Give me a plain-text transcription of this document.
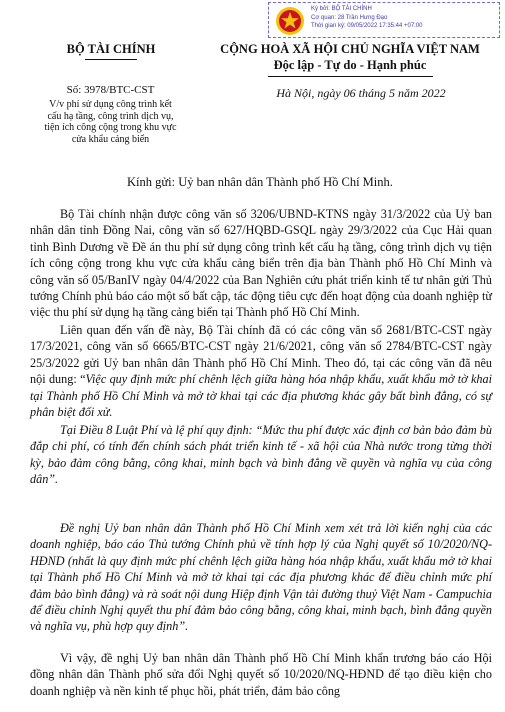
Ký bởi: BỘ TÀI CHÍNH
Cơ quan: 28 Trần Hưng Đạo
Thời gian ký: 09/05/2022 17:35:44 +07:00
BỘ TÀI CHÍNH	CỘNG HOÀ XÃ HỘI CHỦ NGHĨA VIỆT NAM
Độc lập - Tự do - Hạnh phúc
Số: 3978/BTC-CST
V/v phí sử dụng công trình kết
cấu hạ tầng, công trình dịch vụ,
tiện ích công cộng trong khu vực
cửa khẩu cảng biển
Hà Nội, ngày 06 tháng 5 năm 2022
Kính gửi: Uỷ ban nhân dân Thành phố Hồ Chí Minh.

Bộ Tài chính nhận được công văn số 3206/UBND-KTNS ngày 31/3/2022 của Uỷ ban nhân dân tỉnh Đồng Nai, công văn số 627/HQBD-GSQL ngày 29/3/2022 của Cục Hải quan tỉnh Bình Dương về Đề án thu phí sử dụng công trình kết cấu hạ tầng, công trình dịch vụ tiện ích công cộng trong khu vực cửa khẩu cảng biển trên địa bàn Thành phố Hồ Chí Minh và công văn số 05/BanIV ngày 04/4/2022 của Ban Nghiên cứu phát triển kinh tế tư nhân gửi Thủ tướng Chính phủ báo cáo một số bất cập, tác động tiêu cực đến hoạt động của doanh nghiệp từ việc thu phí sử dụng hạ tầng cảng biển tại Thành phố Hồ Chí Minh.

Liên quan đến vấn đề này, Bộ Tài chính đã có các công văn số 2681/BTC-CST ngày 17/3/2021, công văn số 6665/BTC-CST ngày 21/6/2021, công văn số 2784/BTC-CST ngày 25/3/2022 gửi Uỷ ban nhân dân Thành phố Hồ Chí Minh. Theo đó, tại các công văn đã nêu nội dung: “Việc quy định mức phí chênh lệch giữa hàng hóa nhập khẩu, xuất khẩu mở tờ khai tại Thành phố Hồ Chí Minh và mở tờ khai tại các địa phương khác gây bất bình đẳng, có sự phân biệt đối xử.

Tại Điều 8 Luật Phí và lệ phí quy định: “Mức thu phí được xác định cơ bản bảo đảm bù đắp chi phí, có tính đến chính sách phát triển kinh tế - xã hội của Nhà nước trong từng thời kỳ, bảo đảm công bằng, công khai, minh bạch và bình đẳng về quyền và nghĩa vụ của công dân”.

Đề nghị Uỷ ban nhân dân Thành phố Hồ Chí Minh xem xét trả lời kiến nghị của các doanh nghiệp, báo cáo Thủ tướng Chính phủ về tính hợp lý của Nghị quyết số 10/2020/NQ-HĐND (nhất là quy định mức phí chênh lệch giữa hàng hóa nhập khẩu, xuất khẩu mở tờ khai tại Thành phố Hồ Chí Minh và mở tờ khai tại các địa phương khác để điều chỉnh mức phí đảm bảo bình đẳng) và rà soát nội dung Hiệp định Vận tải đường thuỷ Việt Nam - Campuchia để điều chỉnh Nghị quyết thu phí đảm bảo công bằng, công khai, minh bạch, bình đẳng quyền và nghĩa vụ, phù hợp quy định”.

Vì vậy, đề nghị Uỷ ban nhân dân Thành phố Hồ Chí Minh khẩn trương báo cáo Hội đồng nhân dân Thành phố sửa đổi Nghị quyết số 10/2020/NQ-HĐND để tạo điều kiện cho doanh nghiệp và nền kinh tế phục hồi, phát triển, đảm bảo công
